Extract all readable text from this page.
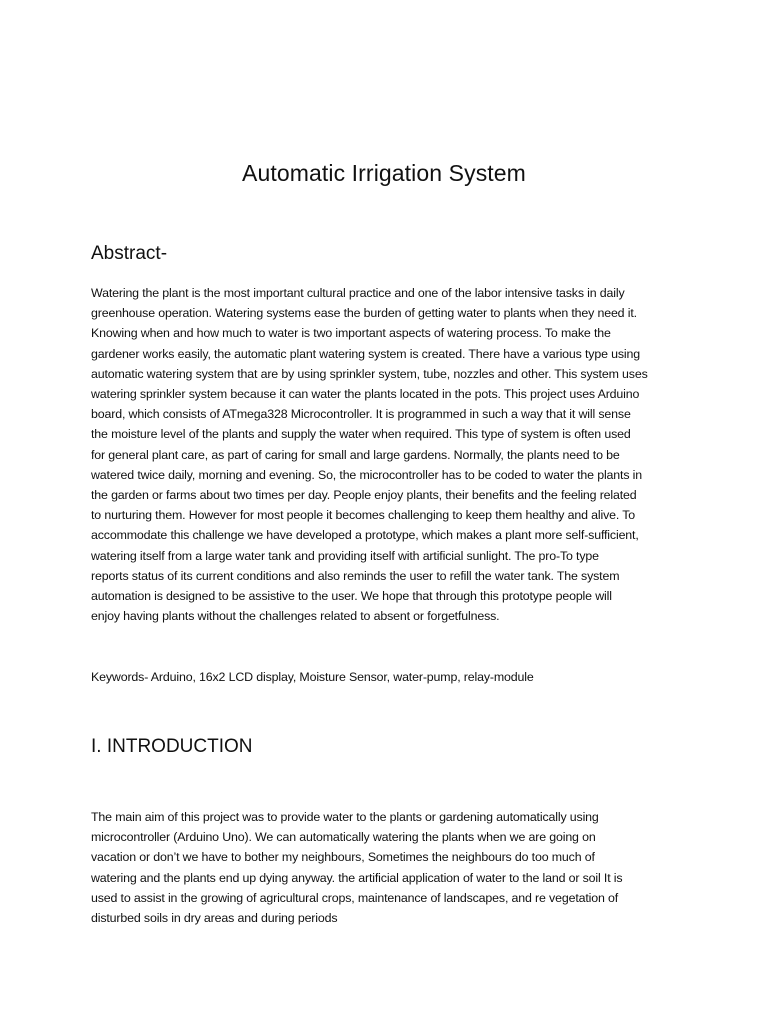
Automatic Irrigation System
Abstract-

Watering the plant is the most important cultural practice and one of the labor intensive tasks in daily
greenhouse operation. Watering systems ease the burden of getting water to plants when they need it.
Knowing when and how much to water is two important aspects of watering process. To make the
gardener works easily, the automatic plant watering system is created. There have a various type using
automatic watering system that are by using sprinkler system, tube, nozzles and other. This system uses
watering sprinkler system because it can water the plants located in the pots. This project uses Arduino
board, which consists of ATmega328 Microcontroller. It is programmed in such a way that it will sense
the moisture level of the plants and supply the water when required. This type of system is often used
for general plant care, as part of caring for small and large gardens. Normally, the plants need to be
watered twice daily, morning and evening. So, the microcontroller has to be coded to water the plants in
the garden or farms about two times per day. People enjoy plants, their benefits and the feeling related
to nurturing them. However for most people it becomes challenging to keep them healthy and alive. To
accommodate this challenge we have developed a prototype, which makes a plant more self-sufficient,
watering itself from a large water tank and providing itself with artificial sunlight. The pro-To type
reports status of its current conditions and also reminds the user to refill the water tank. The system
automation is designed to be assistive to the user. We hope that through this prototype people will
enjoy having plants without the challenges related to absent or forgetfulness.

Keywords- Arduino, 16x2 LCD display, Moisture Sensor, water-pump, relay-module

I. INTRODUCTION

The main aim of this project was to provide water to the plants or gardening automatically using
microcontroller (Arduino Uno). We can automatically watering the plants when we are going on
vacation or don’t we have to bother my neighbours, Sometimes the neighbours do too much of
watering and the plants end up dying anyway. the artificial application of water to the land or soil It is
used to assist in the growing of agricultural crops, maintenance of landscapes, and re vegetation of
disturbed soils in dry areas and during periods
